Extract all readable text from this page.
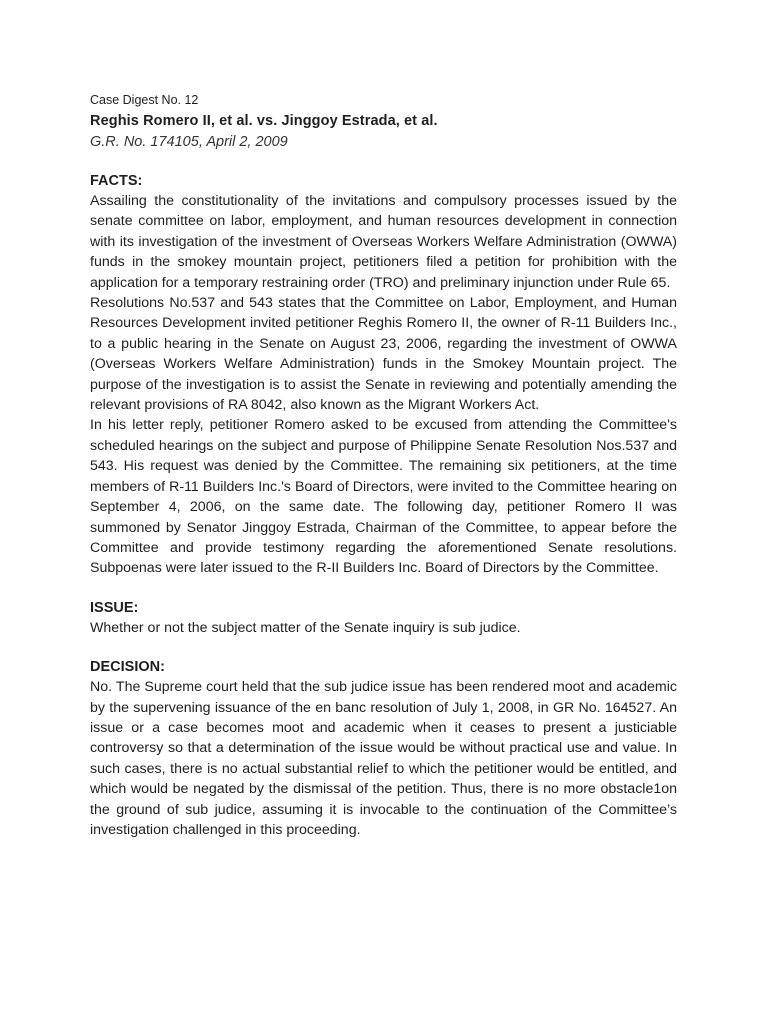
Case Digest No. 12

Reghis Romero II, et al. vs. Jinggoy Estrada, et al.

G.R. No. 174105, April 2, 2009

FACTS:

Assailing the constitutionality of the invitations and compulsory processes issued by the senate committee on labor, employment, and human resources development in connection with its investigation of the investment of Overseas Workers Welfare Administration (OWWA) funds in the smokey mountain project, petitioners filed a petition for prohibition with the application for a temporary restraining order (TRO) and preliminary injunction under Rule 65.

Resolutions No.537 and 543 states that the Committee on Labor, Employment, and Human Resources Development invited petitioner Reghis Romero II, the owner of R-11 Builders Inc., to a public hearing in the Senate on August 23, 2006, regarding the investment of OWWA (Overseas Workers Welfare Administration) funds in the Smokey Mountain project. The purpose of the investigation is to assist the Senate in reviewing and potentially amending the relevant provisions of RA 8042, also known as the Migrant Workers Act.

In his letter reply, petitioner Romero asked to be excused from attending the Committee's scheduled hearings on the subject and purpose of Philippine Senate Resolution Nos.537 and 543. His request was denied by the Committee. The remaining six petitioners, at the time members of R-11 Builders Inc.'s Board of Directors, were invited to the Committee hearing on September 4, 2006, on the same date. The following day, petitioner Romero II was summoned by Senator Jinggoy Estrada, Chairman of the Committee, to appear before the Committee and provide testimony regarding the aforementioned Senate resolutions. Subpoenas were later issued to the R-II Builders Inc. Board of Directors by the Committee.

ISSUE:

Whether or not the subject matter of the Senate inquiry is sub judice.

DECISION:

No. The Supreme court held that the sub judice issue has been rendered moot and academic by the supervening issuance of the en banc resolution of July 1, 2008, in GR No. 164527. An issue or a case becomes moot and academic when it ceases to present a justiciable controversy so that a determination of the issue would be without practical use and value. In such cases, there is no actual substantial relief to which the petitioner would be entitled, and which would be negated by the dismissal of the petition. Thus, there is no more obstacle1on the ground of sub judice, assuming it is invocable to the continuation of the Committee’s investigation challenged in this proceeding.
